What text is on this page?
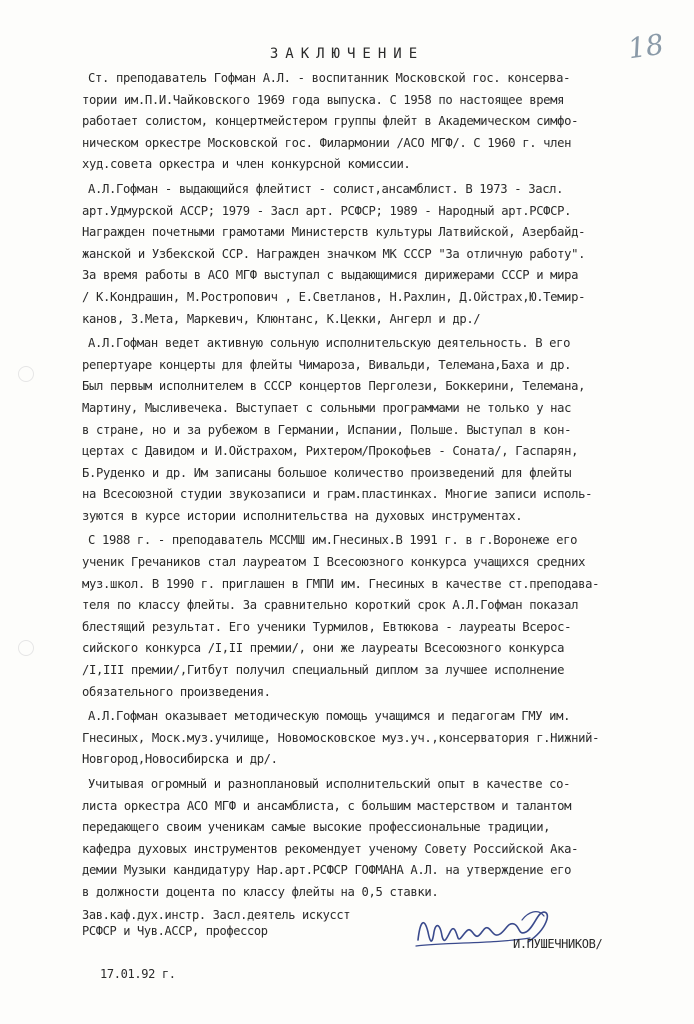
18
ЗАКЛЮЧЕНИЕ
Ст. преподаватель Гофман А.Л. - воспитанник Московской гос. консерва-
тории им.П.И.Чайковского 1969 года выпуска. С 1958 по настоящее время
работает солистом, концертмейстером группы флейт в Академическом симфо-
ническом оркестре Московской гос. Филармонии /АСО МГФ/. С 1960 г. член
худ.совета оркестра и член конкурсной комиссии.
А.Л.Гофман - выдающийся флейтист - солист,ансамблист. В 1973 - Засл.
арт.Удмурской АССР; 1979 - Засл арт. РСФСР; 1989 - Народный арт.РСФСР.
Награжден почетными грамотами Министерств культуры Латвийской, Азербайд-
жанской и Узбекской ССР. Награжден значком МК СССР "За отличную работу".
За время работы в АСО МГФ выступал с выдающимися дирижерами СССР и мира
/ К.Кондрашин, М.Ростропович , Е.Светланов, Н.Рахлин, Д.Ойстрах,Ю.Темир-
канов, З.Мета, Маркевич, Клюнтанс, К.Цекки, Ангерл и др./
А.Л.Гофман ведет активную сольную исполнительскую деятельность. В его
репертуаре концерты для флейты Чимароза, Вивальди, Телемана,Баха и др.
Был первым исполнителем в СССР концертов Перголези, Боккерини, Телемана,
Мартину, Мысливечека. Выступает с сольными программами не только у нас
в стране, но и за рубежом в Германии, Испании, Польше. Выступал в кон-
цертах с Давидом и И.Ойстрахом, Рихтером/Прокофьев - Соната/, Гаспарян,
Б.Руденко и др. Им записаны большое количество произведений для флейты
на Всесоюзной студии звукозаписи и грам.пластинках. Многие записи исполь-
зуются в курсе истории исполнительства на духовых инструментах.
С 1988 г. - преподаватель МССМШ им.Гнесиных.В 1991 г. в г.Воронеже его
ученик Гречаников стал лауреатом I Всесоюзного конкурса учащихся средних
муз.школ. В 1990 г. приглашен в ГМПИ им. Гнесиных в качестве ст.преподава-
теля по классу флейты. За сравнительно короткий срок А.Л.Гофман показал
блестящий результат. Его ученики Турмилов, Евтюкова - лауреаты Всерос-
сийского конкурса /I,II премии/, они же лауреаты Всесоюзного конкурса
/I,III премии/,Гитбут получил специальный диплом за лучшее исполнение
обязательного произведения.
А.Л.Гофман оказывает методическую помощь учащимся и педагогам ГМУ им.
Гнесиных, Моск.муз.училище, Новомосковское муз.уч.,консерватория г.Нижний-
Новгород,Новосибирска и др/.
Учитывая огромный и разноплановый исполнительский опыт в качестве со-
листа оркестра АСО МГФ и ансамблиста, с большим мастерством и талантом
передающего своим ученикам самые высокие профессиональные традиции,
кафедра духовых инструментов рекомендует ученому Совету Российской Ака-
демии Музыки кандидатуру Нар.арт.РСФСР ГОФМАНА А.Л. на утверждение его
в должности доцента по классу флейты на 0,5 ставки.
Зав.каф.дух.инстр. Засл.деятель искусст
РСФСР и Чув.АССР, профессор
И.ПУШЕЧНИКОВ/
17.01.92 г.
